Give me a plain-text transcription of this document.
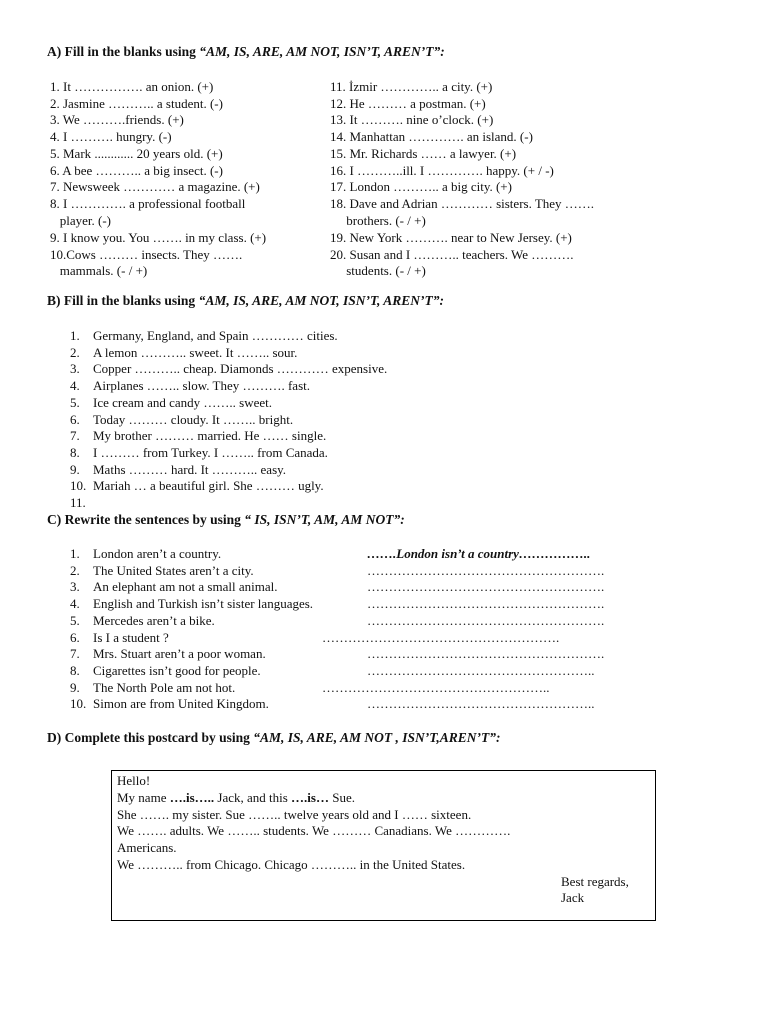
A) Fill in the blanks using “AM, IS, ARE, AM NOT, ISN’T, AREN’T”:
1. It ……………. an onion. (+)
2. Jasmine ……….. a student. (-)
3. We ……….friends. (+)
4. I ………. hungry. (-)
5. Mark ............ 20 years old. (+)
6. A bee ……….. a big insect. (-)
7. Newsweek ………… a magazine. (+)
8. I …………. a professional football
player. (-)
9. I know you. You ……. in my class. (+)
10.Cows ……… insects. They …….
mammals. (- / +)
11. İzmir ………….. a city. (+)
12. He ……… a postman. (+)
13. It ………. nine o’clock. (+)
14. Manhattan …………. an island. (-)
15. Mr. Richards …… a lawyer. (+)
16. I ………..ill. I …………. happy. (+ / -)
17. London ……….. a big city. (+)
18. Dave and Adrian ………… sisters. They …….
brothers. (- / +)
19. New York ………. near to New Jersey. (+)
20. Susan and I ……….. teachers. We ……….
students. (- / +)
B) Fill in the blanks using “AM, IS, ARE, AM NOT, ISN’T, AREN’T”:
1. Germany, England, and Spain ………… cities.
2. A lemon ……….. sweet. It …….. sour.
3. Copper ……….. cheap. Diamonds ………… expensive.
4. Airplanes …….. slow. They ………. fast.
5. Ice cream and candy …….. sweet.
6. Today ……… cloudy. It …….. bright.
7. My brother ……… married. He …… single.
8. I ……… from Turkey. I …….. from Canada.
9. Maths ……… hard. It ……….. easy.
10. Mariah … a beautiful girl. She ……… ugly.
11.
C) Rewrite the sentences by using “ IS, ISN’T, AM, AM NOT”:
1. London aren’t a country.	…….London isn’t a country……………..
2. The United States aren’t a city.	……………………………………………….
3. An elephant am not a small animal.	……………………………………………….
4. English and Turkish isn’t sister languages.	……………………………………………….
5. Mercedes aren’t a bike.	……………………………………………….
6. Is I a student ?	……………………………………………….
7. Mrs. Stuart aren’t a poor woman.	……………………………………………….
8. Cigarettes isn’t good for people.	……………………………………………..
9. The North Pole am not hot.	……………………………………………..
10. Simon are from United Kingdom.	……………………………………………..
D) Complete this postcard by using “AM, IS, ARE, AM NOT , ISN’T,AREN’T”:
Hello!
My name ….is….. Jack, and this ….is… Sue.
She ……. my sister. Sue …….. twelve years old and I …… sixteen.
We ……. adults. We …….. students. We ……… Canadians. We ………….
Americans.
We ……….. from Chicago. Chicago ……….. in the United States.
Best regards,
Jack
